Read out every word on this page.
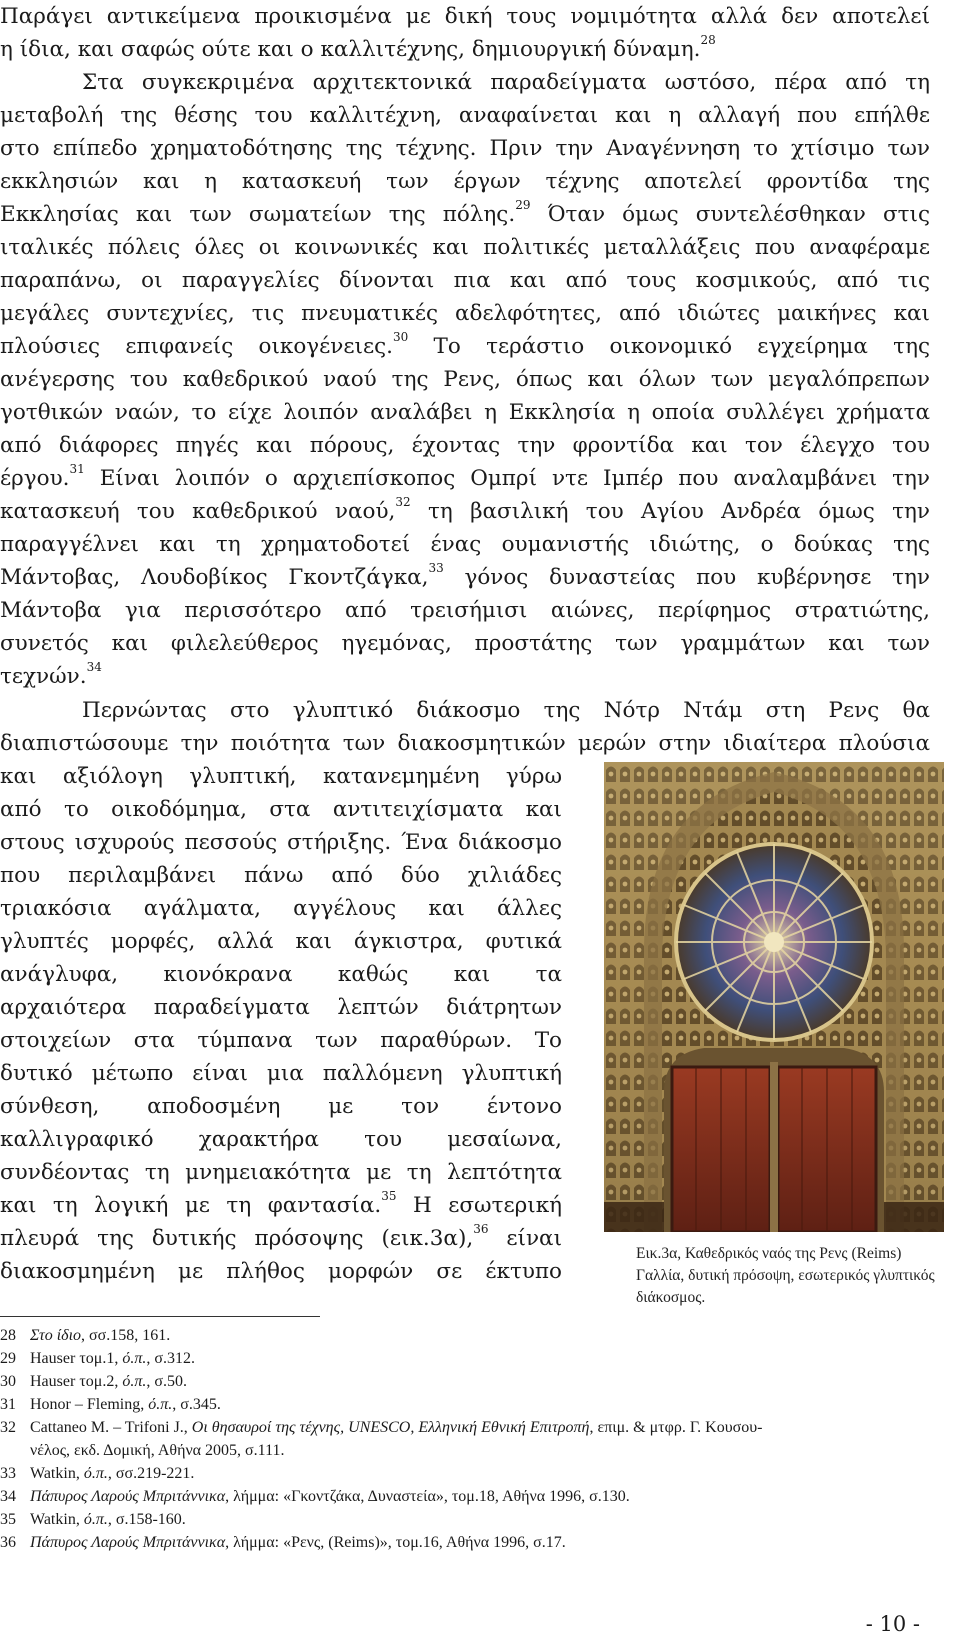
Παράγει αντικείμενα προικισμένα με δική τους νομιμότητα αλλά δεν αποτελεί
η ίδια, και σαφώς ούτε και ο καλλιτέχνης, δημιουργική δύναμη.$^{28}$
Στα συγκεκριμένα αρχιτεκτονικά παραδείγματα ωστόσο, πέρα από τη
μεταβολή της θέσης του καλλιτέχνη, αναφαίνεται και η αλλαγή που επήλθε
στο επίπεδο χρηματοδότησης της τέχνης. Πριν την Αναγέννηση το χτίσιμο των
εκκλησιών και η κατασκευή των έργων τέχνης αποτελεί φροντίδα της
Εκκλησίας και των σωματείων της πόλης.$^{29}$ Όταν όμως συντελέσθηκαν στις
ιταλικές πόλεις όλες οι κοινωνικές και πολιτικές μεταλλάξεις που αναφέραμε
παραπάνω, οι παραγγελίες δίνονται πια και από τους κοσμικούς, από τις
μεγάλες συντεχνίες, τις πνευματικές αδελφότητες, από ιδιώτες μαικήνες και
πλούσιες επιφανείς οικογένειες.$^{30}$ Το τεράστιο οικονομικό εγχείρημα της
ανέγερσης του καθεδρικού ναού της Ρενς, όπως και όλων των μεγαλόπρεπων
γοτθικών ναών, το είχε λοιπόν αναλάβει η Εκκλησία η οποία συλλέγει χρήματα
από διάφορες πηγές και πόρους, έχοντας την φροντίδα και τον έλεγχο του
έργου.$^{31}$ Είναι λοιπόν ο αρχιεπίσκοπος Ομπρί ντε Ιμπέρ που αναλαμβάνει την
κατασκευή του καθεδρικού ναού,$^{32}$ τη βασιλική του Αγίου Ανδρέα όμως την
παραγγέλνει και τη χρηματοδοτεί ένας ουμανιστής ιδιώτης, ο δούκας της
Μάντοβας, Λουδοβίκος Γκοντζάγκα,$^{33}$ γόνος δυναστείας που κυβέρνησε την
Μάντοβα για περισσότερο από τρεισήμισι αιώνες, περίφημος στρατιώτης,
συνετός και φιλελεύθερος ηγεμόνας, προστάτης των γραμμάτων και των
τεχνών.$^{34}$
Περνώντας στο γλυπτικό διάκοσμο της Νότρ Ντάμ στη Ρενς θα
διαπιστώσουμε την ποιότητα των διακοσμητικών μερών στην ιδιαίτερα πλούσια
και αξιόλογη γλυπτική, κατανεμημένη γύρω
από το οικοδόμημα, στα αντιτειχίσματα και
στους ισχυρούς πεσσούς στήριξης. Ένα διάκοσμο
που περιλαμβάνει πάνω από δύο χιλιάδες
τριακόσια αγάλματα, αγγέλους και άλλες
γλυπτές μορφές, αλλά και άγκιστρα, φυτικά
ανάγλυφα, κιονόκρανα καθώς και τα
αρχαιότερα παραδείγματα λεπτών διάτρητων
στοιχείων στα τύμπανα των παραθύρων. Το
δυτικό μέτωπο είναι μια παλλόμενη γλυπτική
σύνθεση, αποδοσμένη με τον έντονο
καλλιγραφικό χαρακτήρα του μεσαίωνα,
συνδέοντας τη μνημειακότητα με τη λεπτότητα
και τη λογική με τη φαντασία.$^{35}$ Η εσωτερική
πλευρά της δυτικής πρόσοψης (εικ.3α),$^{36}$ είναι
διακοσμημένη με πλήθος μορφών σε έκτυπο
Εικ.3α, Καθεδρικός ναός της Ρενς (Reims) Γαλλία, δυτική πρόσοψη, εσωτερικός γλυπτικός διάκοσμος.
28 Στο ίδιο, σσ.158, 161.
29 Hauser τομ.1, ό.π., σ.312.
30 Hauser τομ.2, ό.π., σ.50.
31 Honor – Fleming, ό.π., σ.345.
32 Cattaneo M. – Trifoni J., Οι θησαυροί της τέχνης, UNESCO, Ελληνική Εθνική Επιτροπή, επιμ. & μτφρ. Γ. Κουσου-
νέλος, εκδ. Δομική, Αθήνα 2005, σ.111.
33 Watkin, ό.π., σσ.219-221.
34 Πάπυρος Λαρούς Μπριτάννικα, λήμμα: «Γκοντζάκα, Δυναστεία», τομ.18, Αθήνα 1996, σ.130.
35 Watkin, ό.π., σ.158-160.
36 Πάπυρος Λαρούς Μπριτάννικα, λήμμα: «Ρενς, (Reims)», τομ.16, Αθήνα 1996, σ.17.
- 10 -
